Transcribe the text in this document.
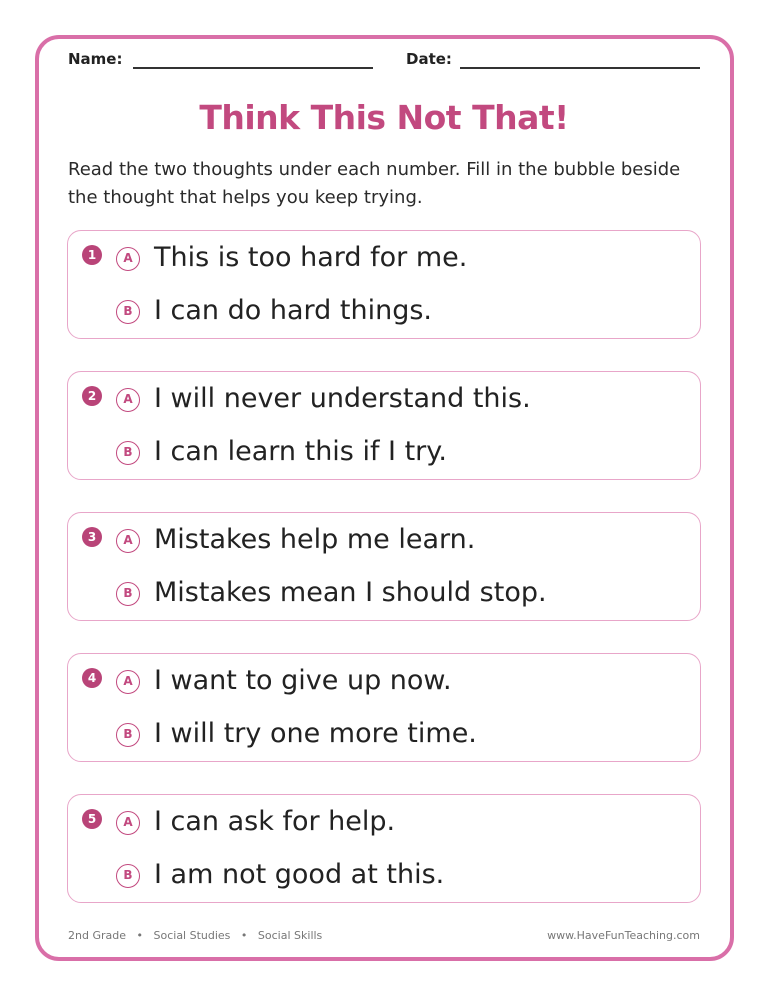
Name:	Date:
Think This Not That!

Read the two thoughts under each number. Fill in the bubble beside the thought that helps you keep trying.

1	A This is too hard for me.
B I can do hard things.
2	A I will never understand this.
B I can learn this if I try.
3	A Mistakes help me learn.
B Mistakes mean I should stop.
4	A I want to give up now.
B I will try one more time.
5	A I can ask for help.
B I am not good at this.
2nd Grade • Social Studies • Social Skills	www.HaveFunTeaching.com
